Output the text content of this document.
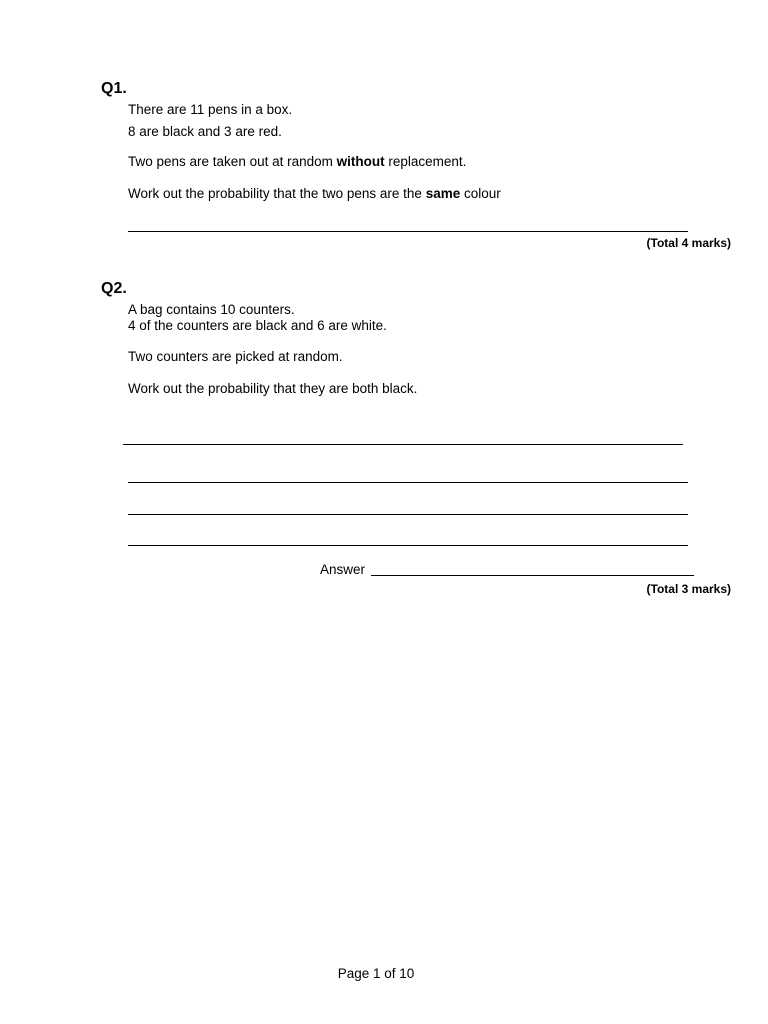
Q1.
There are 11 pens in a box.
8 are black and 3 are red.
Two pens are taken out at random without replacement.
Work out the probability that the two pens are the same colour
(Total 4 marks)
Q2.
A bag contains 10 counters.
4 of the counters are black and 6 are white.
Two counters are picked at random.
Work out the probability that they are both black.
Answer
(Total 3 marks)
Page 1 of 10
